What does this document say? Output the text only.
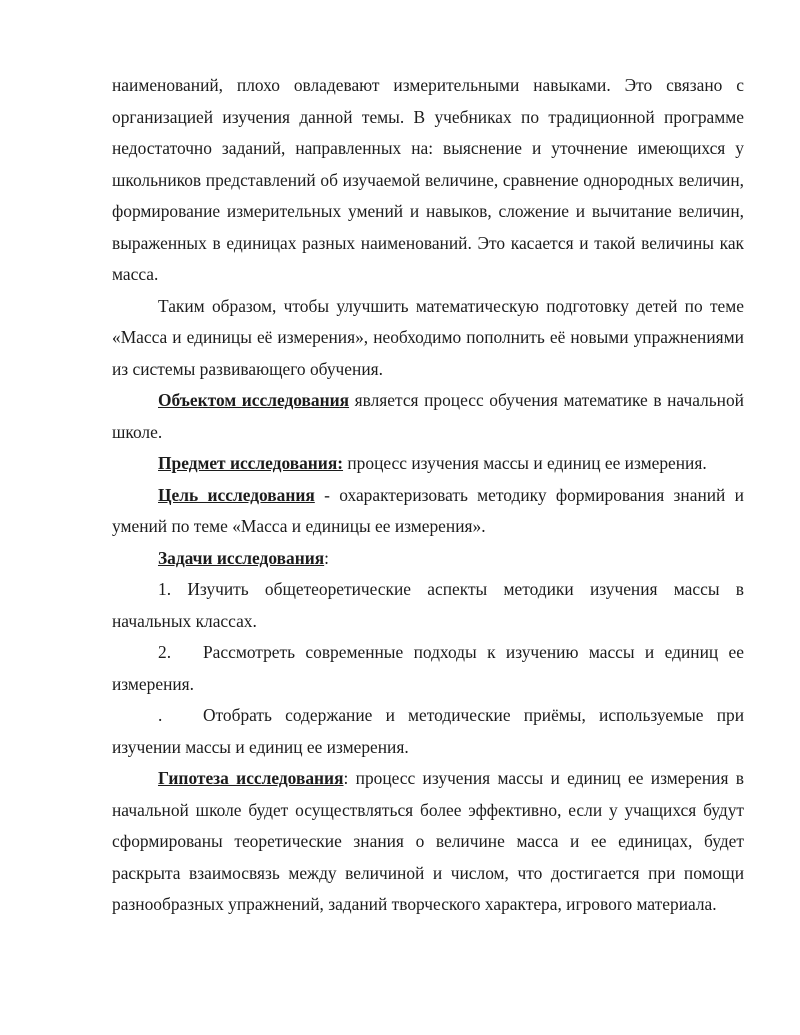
наименований, плохо овладевают измерительными навыками. Это связано с организацией изучения данной темы. В учебниках по традиционной программе недостаточно заданий, направленных на: выяснение и уточнение имеющихся у школьников представлений об изучаемой величине, сравнение однородных величин, формирование измерительных умений и навыков, сложение и вычитание величин, выраженных в единицах разных наименований. Это касается и такой величины как масса.

Таким образом, чтобы улучшить математическую подготовку детей по теме «Масса и единицы её измерения», необходимо пополнить её новыми упражнениями из системы развивающего обучения.

Объектом исследования является процесс обучения математике в начальной школе.

Предмет исследования: процесс изучения массы и единиц ее измерения.

Цель исследования - охарактеризовать методику формирования знаний и умений по теме «Масса и единицы ее измерения».

Задачи исследования:

1. Изучить общетеоретические аспекты методики изучения массы в начальных классах.

2. Рассмотреть современные подходы к изучению массы и единиц ее измерения.

. Отобрать содержание и методические приёмы, используемые при изучении массы и единиц ее измерения.

Гипотеза исследования: процесс изучения массы и единиц ее измерения в начальной школе будет осуществляться более эффективно, если у учащихся будут сформированы теоретические знания о величине масса и ее единицах, будет раскрыта взаимосвязь между величиной и числом, что достигается при помощи разнообразных упражнений, заданий творческого характера, игрового материала.
